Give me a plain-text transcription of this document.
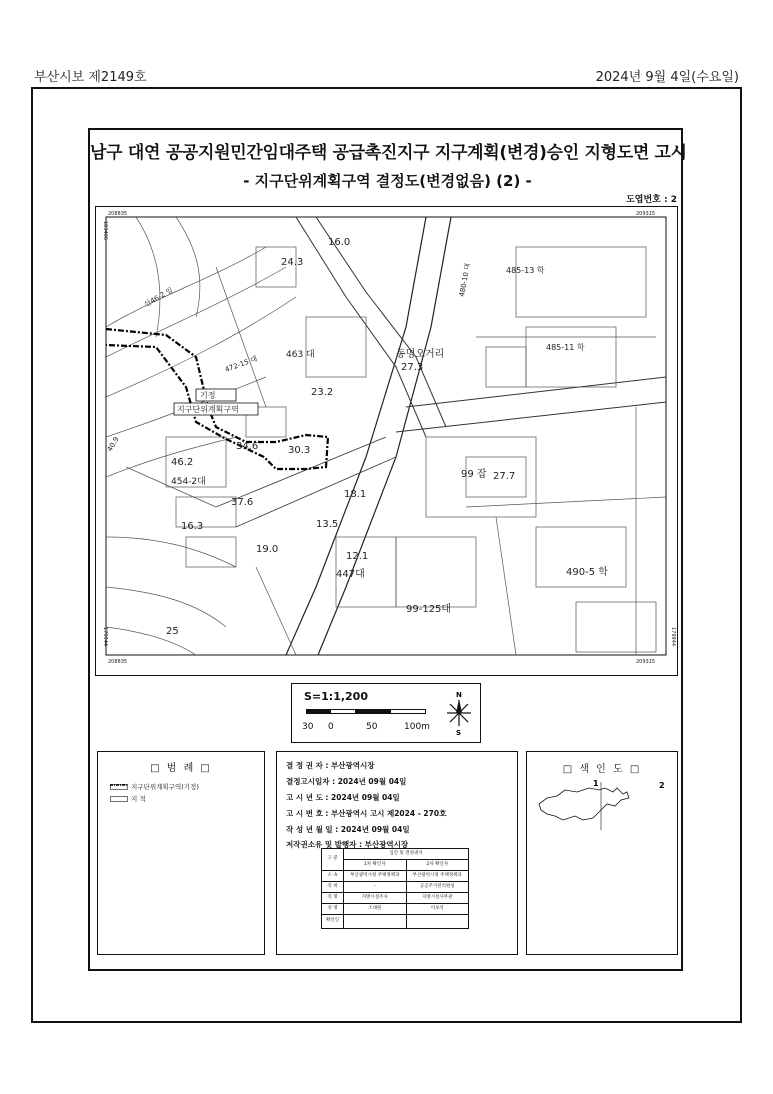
부산시보 제2149호	2024년 9월 4일(수요일)
남구 대연 공공지원민간임대주택 공급촉진지구 지구계획(변경)승인 지형도면 고시
- 지구단위계획구역 결정도(변경없음) (2) -
도엽번호 : 2
기정
지구단위계획구역
463 대
472-15 대
46.2
454-2대
37.6
16.3
19.0
13.5
12.1
447대
99-125대
99 잡 27.7
490-5 학
485-11 학
485-13 학
동명오거리
27.3
23.2
24.3
16.0
18.1
30.3
34.6
산46-2 임
480-10 대
25
40.9
208835	209315
208835	209315
183406
179944	179944
S=1:1,200
30 0	50	100m
N
S
□ 범 례 □
지구단위계획구역(기정)
지 적
결 정 권 자 : 부산광역시장
결정고시일자 : 2024년 09월 04일
고 시 년 도 : 2024년 09월 04일
고 시 번 호 : 부산광역시 고시 제2024 - 270호
작 성 년 월 일 : 2024년 09월 04일
저작권소유 및 발행자 : 부산광역시장
구 분	입안 및 결정권자	
	1차 확인자	2차 확인자
소 속	부산광역시청 주택정책과	부산광역시청 주택정책과
직 위	-	공공주거관리원칭
직 명	지방시설주사	지방시설사무관
성 명	조대원	이보석
확인인		
□ 색 인 도 □
1	2
